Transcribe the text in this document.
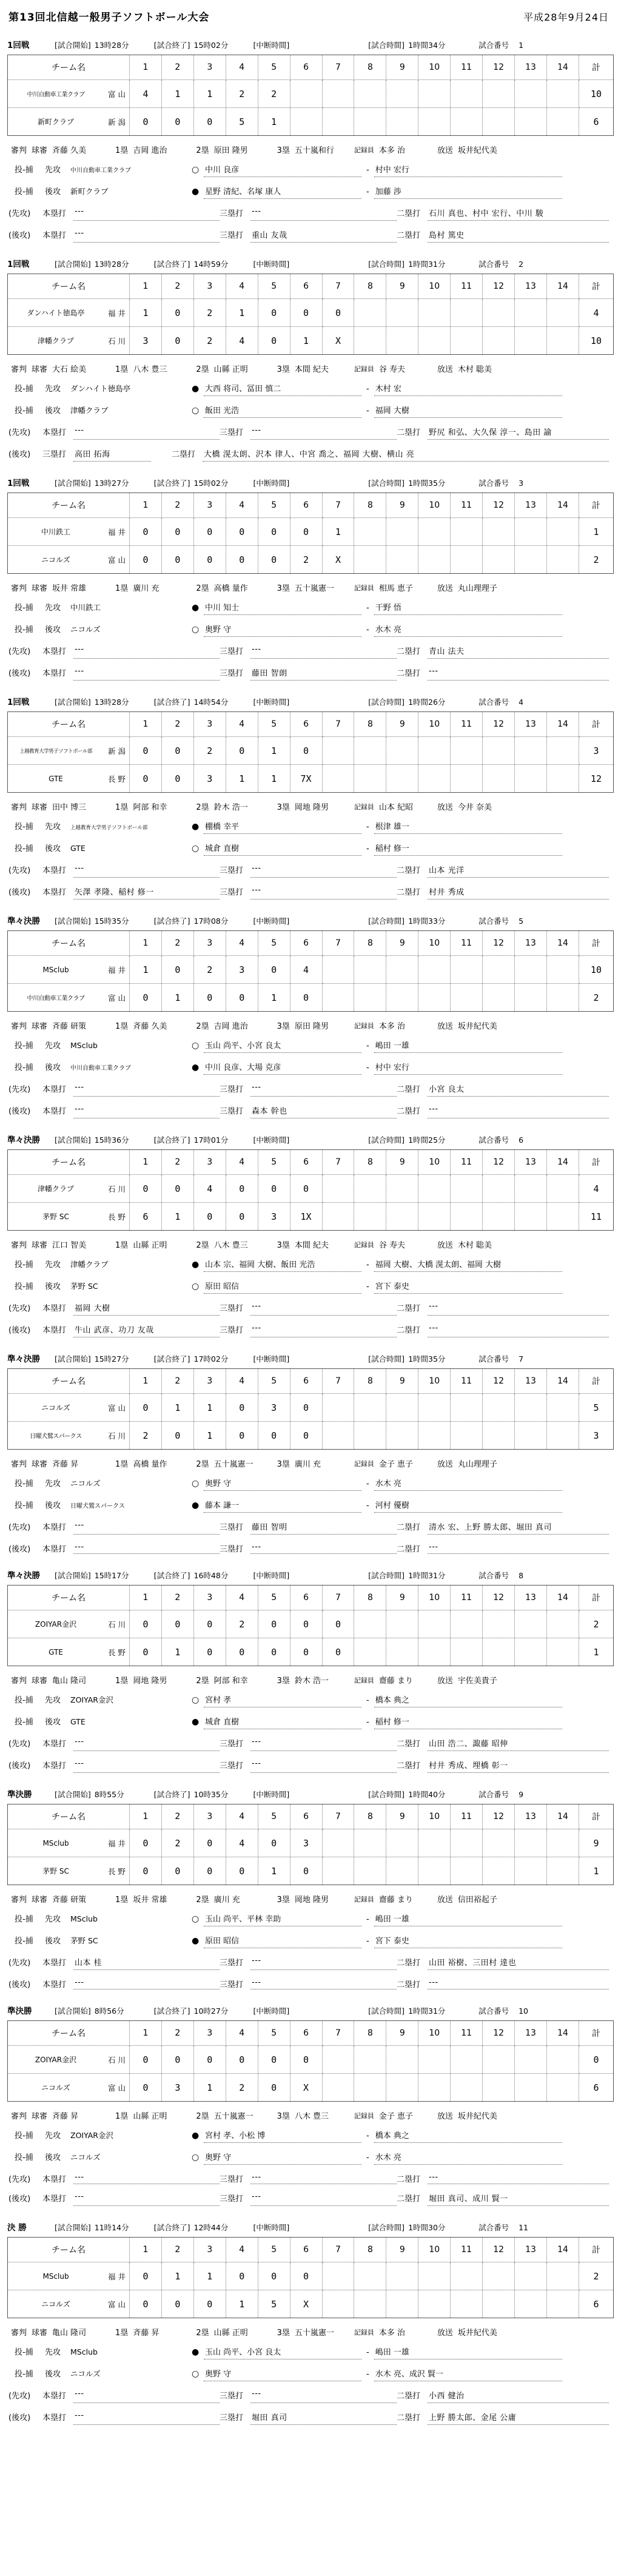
第13回北信越一般男子ソフトボール大会	平成28年9月24日
1回戦	[試合開始] 13時28分	[試合終了] 15時02分	[中断時間]	[試合時間] 1時間34分	試合番号 1
チーム名	1	2	3	4	5	6	7	8	9	10	11	12	13	14	計

中川自動車工業クラブ 富 山	4	1	1	2	2										10

新町クラブ 新 潟	0	0	0	5	1										6
審判 球審 斉藤 久美	1塁 吉岡 進治	2塁 原田 隆男	3塁 五十嵐和行	記録員 本多 治	放送 坂井紀代美
投-捕	先攻	中川自動車工業クラブ	○ 中川 良彦	- 村中 宏行
投-捕	後攻	新町クラブ	● 星野 清紀、名塚 康人	- 加藤 渉
(先攻)	本塁打 ---	三塁打 ---	二塁打 石川 真也、村中 宏行、中川 駿
(後攻)	本塁打 ---	三塁打 重山 友哉	二塁打 島村 篤史
1回戦	[試合開始] 13時28分	[試合終了] 14時59分	[中断時間]	[試合時間] 1時間31分	試合番号 2
チーム名	1	2	3	4	5	6	7	8	9	10	11	12	13	14	計

ダンハイト徳島亭 福 井	1	0	2	1	0	0	0								4

津幡クラブ 石 川	3	0	2	4	0	1	X								10
審判 球審 大石 絵美	1塁 八木 豊三	2塁 山縣 正明	3塁 本間 紀夫	記録員 谷 寿夫	放送 木村 聡美
投-捕	先攻	ダンハイト徳島亭	● 大西 将司、冨田 慎二	- 木村 宏
投-捕	後攻	津幡クラブ	○ 飯田 光浩	- 福岡 大樹
(先攻)	本塁打 ---	三塁打 ---	二塁打 野尻 和弘、大久保 淳一、島田 諭
(後攻)	三塁打 高田 拓海	二塁打 大橋 滉太朗、沢本 律人、中宮 喬之、福岡 大樹、横山 亮
1回戦	[試合開始] 13時27分	[試合終了] 15時02分	[中断時間]	[試合時間] 1時間35分	試合番号 3
チーム名	1	2	3	4	5	6	7	8	9	10	11	12	13	14	計

中川鉄工 福 井	0	0	0	0	0	0	1								1

ニコルズ 富 山	0	0	0	0	0	2	X								2
審判 球審 坂井 常雄	1塁 廣川 充	2塁 高橋 量作	3塁 五十嵐憲一	記録員 相馬 恵子	放送 丸山理理子
投-捕	先攻	中川鉄工	● 中川 知士	- 干野 悟
投-捕	後攻	ニコルズ	○ 奥野 守	- 水木 亮
(先攻)	本塁打 ---	三塁打 ---	二塁打 青山 法夫
(後攻)	本塁打 ---	三塁打 藤田 智朗	二塁打 ---
1回戦	[試合開始] 13時28分	[試合終了] 14時54分	[中断時間]	[試合時間] 1時間26分	試合番号 4
チーム名	1	2	3	4	5	6	7	8	9	10	11	12	13	14	計

上越教育大学男子ソフトボール部 新 潟	0	0	2	0	1	0									3

GTE 長 野	0	0	3	1	1	7X									12
審判 球審 田中 博三	1塁 阿部 和幸	2塁 鈴木 浩一	3塁 岡地 隆男	記録員 山本 紀昭	放送 今井 奈美
投-捕	先攻	上越教育大学男子ソフトボール部	● 棚橋 幸平	- 根津 雄一
投-捕	後攻	GTE	○ 城倉 直樹	- 稲村 修一
(先攻)	本塁打 ---	三塁打 ---	二塁打 山本 光洋
(後攻)	本塁打 矢澤 孝隆、稲村 修一	三塁打 ---	二塁打 村井 秀成
準々決勝	[試合開始] 15時35分	[試合終了] 17時08分	[中断時間]	[試合時間] 1時間33分	試合番号 5
チーム名	1	2	3	4	5	6	7	8	9	10	11	12	13	14	計

MSclub 福 井	1	0	2	3	0	4									10

中川自動車工業クラブ 富 山	0	1	0	0	1	0									2
審判 球審 斉藤 研策	1塁 斉藤 久美	2塁 吉岡 進治	3塁 原田 隆男	記録員 本多 治	放送 坂井紀代美
投-捕	先攻	MSclub	○ 玉山 尚平、小宮 良太	- 嶋田 一雄
投-捕	後攻	中川自動車工業クラブ	● 中川 良彦、大場 克彦	- 村中 宏行
(先攻)	本塁打 ---	三塁打 ---	二塁打 小宮 良太
(後攻)	本塁打 ---	三塁打 森本 幹也	二塁打 ---
準々決勝	[試合開始] 15時36分	[試合終了] 17時01分	[中断時間]	[試合時間] 1時間25分	試合番号 6
チーム名	1	2	3	4	5	6	7	8	9	10	11	12	13	14	計

津幡クラブ 石 川	0	0	4	0	0	0									4

茅野 SC 長 野	6	1	0	0	3	1X									11
審判 球審 江口 智美	1塁 山縣 正明	2塁 八木 豊三	3塁 本間 紀夫	記録員 谷 寿夫	放送 木村 聡美
投-捕	先攻	津幡クラブ	● 山本 宗、福岡 大樹、飯田 光浩	- 福岡 大樹、大橋 滉太朗、福岡 大樹
投-捕	後攻	茅野 SC	○ 原田 昭信	- 宮下 泰史
(先攻)	本塁打 福岡 大樹	三塁打 ---	二塁打 ---
(後攻)	本塁打 牛山 武彦、功刀 友哉	三塁打 ---	二塁打 ---
準々決勝	[試合開始] 15時27分	[試合終了] 17時02分	[中断時間]	[試合時間] 1時間35分	試合番号 7
チーム名	1	2	3	4	5	6	7	8	9	10	11	12	13	14	計

ニコルズ 富 山	0	1	1	0	3	0									5

日曜犬鷲スパークス 石 川	2	0	1	0	0	0									3
審判 球審 斉藤 昇	1塁 高橋 量作	2塁 五十嵐憲一	3塁 廣川 充	記録員 金子 恵子	放送 丸山理理子
投-捕	先攻	ニコルズ	○ 奥野 守	- 水木 亮
投-捕	後攻	日曜犬鷲スパークス	● 藤本 謙一	- 河村 優樹
(先攻)	本塁打 ---	三塁打 藤田 智明	二塁打 清水 宏、上野 勝太郎、堀田 真司
(後攻)	本塁打 ---	三塁打 ---	二塁打 ---
準々決勝	[試合開始] 15時17分	[試合終了] 16時48分	[中断時間]	[試合時間] 1時間31分	試合番号 8
チーム名	1	2	3	4	5	6	7	8	9	10	11	12	13	14	計

ZOIYAR金沢 石 川	0	0	0	2	0	0	0								2

GTE 長 野	0	1	0	0	0	0	0								1
審判 球審 亀山 隆司	1塁 岡地 隆男	2塁 阿部 和幸	3塁 鈴木 浩一	記録員 齋藤 まり	放送 宇佐美貴子
投-捕	先攻	ZOIYAR金沢	○ 宮村 孝	- 橋本 典之
投-捕	後攻	GTE	● 城倉 直樹	- 稲村 修一
(先攻)	本塁打 ---	三塁打 ---	二塁打 山田 浩二、諏藤 昭伸
(後攻)	本塁打 ---	三塁打 ---	二塁打 村井 秀成、埋橋 彰一
準決勝	[試合開始] 8時55分	[試合終了] 10時35分	[中断時間]	[試合時間] 1時間40分	試合番号 9
チーム名	1	2	3	4	5	6	7	8	9	10	11	12	13	14	計

MSclub 福 井	0	2	0	4	0	3									9

茅野 SC 長 野	0	0	0	0	1	0									1
審判 球審 斉藤 研策	1塁 坂井 常雄	2塁 廣川 充	3塁 岡地 隆男	記録員 齋藤 まり	放送 信田裕起子
投-捕	先攻	MSclub	○ 玉山 尚平、平林 幸助	- 嶋田 一雄
投-捕	後攻	茅野 SC	● 原田 昭信	- 宮下 泰史
(先攻)	本塁打 山本 桂	三塁打 ---	二塁打 山田 裕樹、三田村 達也
(後攻)	本塁打 ---	三塁打 ---	二塁打 ---
準決勝	[試合開始] 8時56分	[試合終了] 10時27分	[中断時間]	[試合時間] 1時間31分	試合番号 10
チーム名	1	2	3	4	5	6	7	8	9	10	11	12	13	14	計

ZOIYAR金沢 石 川	0	0	0	0	0	0									0

ニコルズ 富 山	0	3	1	2	0	X									6
審判 球審 斉藤 昇	1塁 山縣 正明	2塁 五十嵐憲一	3塁 八木 豊三	記録員 金子 恵子	放送 坂井紀代美
投-捕	先攻	ZOIYAR金沢	● 宮村 孝、小松 博	- 橋本 典之
投-捕	後攻	ニコルズ	○ 奥野 守	- 水木 亮
(先攻)	本塁打 ---	三塁打 ---	二塁打 ---
(後攻)	本塁打 ---	三塁打 ---	二塁打 堀田 真司、成川 賢一
決 勝	[試合開始] 11時14分	[試合終了] 12時44分	[中断時間]	[試合時間] 1時間30分	試合番号 11
チーム名	1	2	3	4	5	6	7	8	9	10	11	12	13	14	計

MSclub 福 井	0	1	1	0	0	0									2

ニコルズ 富 山	0	0	0	1	5	X									6
審判 球審 亀山 隆司	1塁 斉藤 昇	2塁 山縣 正明	3塁 五十嵐憲一	記録員 本多 治	放送 坂井紀代美
投-捕	先攻	MSclub	● 玉山 尚平、小宮 良太	- 嶋田 一雄
投-捕	後攻	ニコルズ	○ 奥野 守	- 水木 亮、成沢 賢一
(先攻)	本塁打 ---	三塁打 ---	二塁打 小西 健治
(後攻)	本塁打 ---	三塁打 堀田 真司	二塁打 上野 勝太郎、金尾 公庸
